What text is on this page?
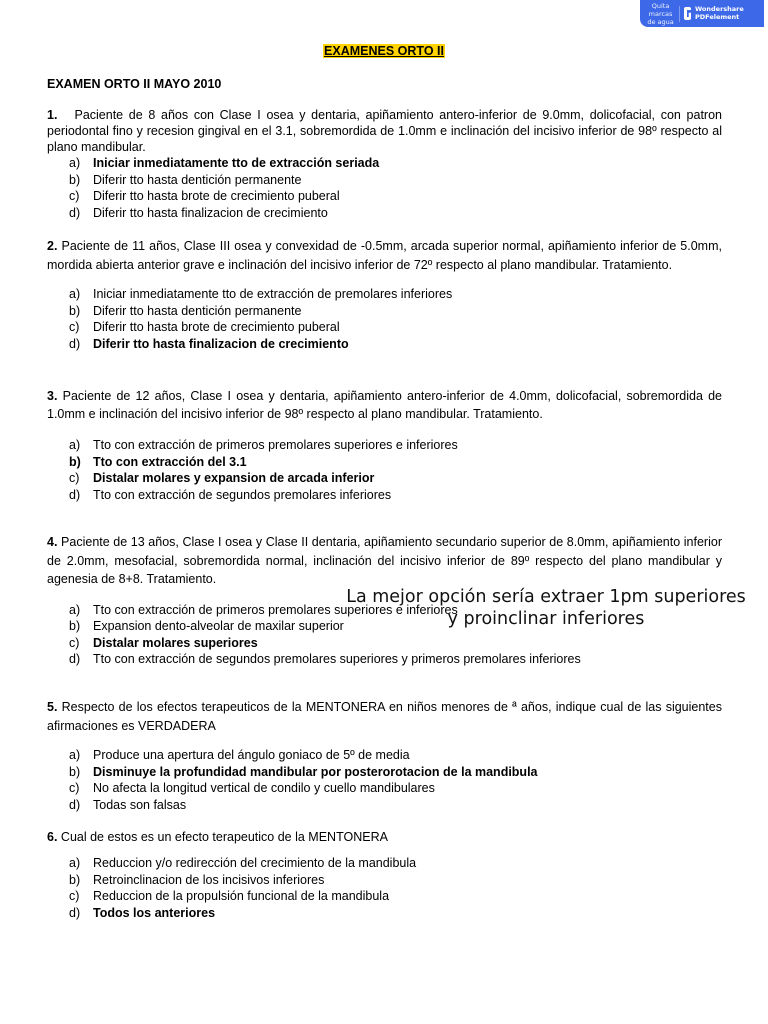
Quita marcas de agua
Wondershare PDFelement
EXAMENES ORTO II
EXAMEN ORTO II MAYO 2010

1. Paciente de 8 años con Clase I osea y dentaria, apiñamiento antero-inferior de 9.0mm, dolicofacial, con patron periodontal fino y recesion gingival en el 3.1, sobremordida de 1.0mm e inclinación del incisivo inferior de 98º respecto al plano mandibular.

a) Iniciar inmediatamente tto de extracción seriada
b) Diferir tto hasta dentición permanente
c) Diferir tto hasta brote de crecimiento puberal
d) Diferir tto hasta finalizacion de crecimiento

2. Paciente de 11 años, Clase III osea y convexidad de -0.5mm, arcada superior normal, apiñamiento inferior de 5.0mm, mordida abierta anterior grave e inclinación del incisivo inferior de 72º respecto al plano mandibular. Tratamiento.

a) Iniciar inmediatamente tto de extracción de premolares inferiores
b) Diferir tto hasta dentición permanente
c) Diferir tto hasta brote de crecimiento puberal
d) Diferir tto hasta finalizacion de crecimiento

3. Paciente de 12 años, Clase I osea y dentaria, apiñamiento antero-inferior de 4.0mm, dolicofacial, sobremordida de 1.0mm e inclinación del incisivo inferior de 98º respecto al plano mandibular. Tratamiento.

a) Tto con extracción de primeros premolares superiores e inferiores
b) Tto con extracción del 3.1
c) Distalar molares y expansion de arcada inferior
d) Tto con extracción de segundos premolares inferiores

4. Paciente de 13 años, Clase I osea y Clase II dentaria, apiñamiento secundario superior de 8.0mm, apiñamiento inferior de 2.0mm, mesofacial, sobremordida normal, inclinación del incisivo inferior de 89º respecto del plano mandibular y agenesia de 8+8. Tratamiento.

a) Tto con extracción de primeros premolares superiores e inferiores
b) Expansion dento-alveolar de maxilar superior
c) Distalar molares superiores
d) Tto con extracción de segundos premolares superiores y primeros premolares inferiores
La mejor opción sería extraer 1pm superiores
y proinclinar inferiores

5. Respecto de los efectos terapeuticos de la MENTONERA en niños menores de ª años, indique cual de las siguientes afirmaciones es VERDADERA

a) Produce una apertura del ángulo goniaco de 5º de media
b) Disminuye la profundidad mandibular por posterorotacion de la mandibula
c) No afecta la longitud vertical de condilo y cuello mandibulares
d) Todas son falsas

6. Cual de estos es un efecto terapeutico de la MENTONERA

a) Reduccion y/o redirección del crecimiento de la mandibula
b) Retroinclinacion de los incisivos inferiores
c) Reduccion de la propulsión funcional de la mandibula
d) Todos los anteriores
